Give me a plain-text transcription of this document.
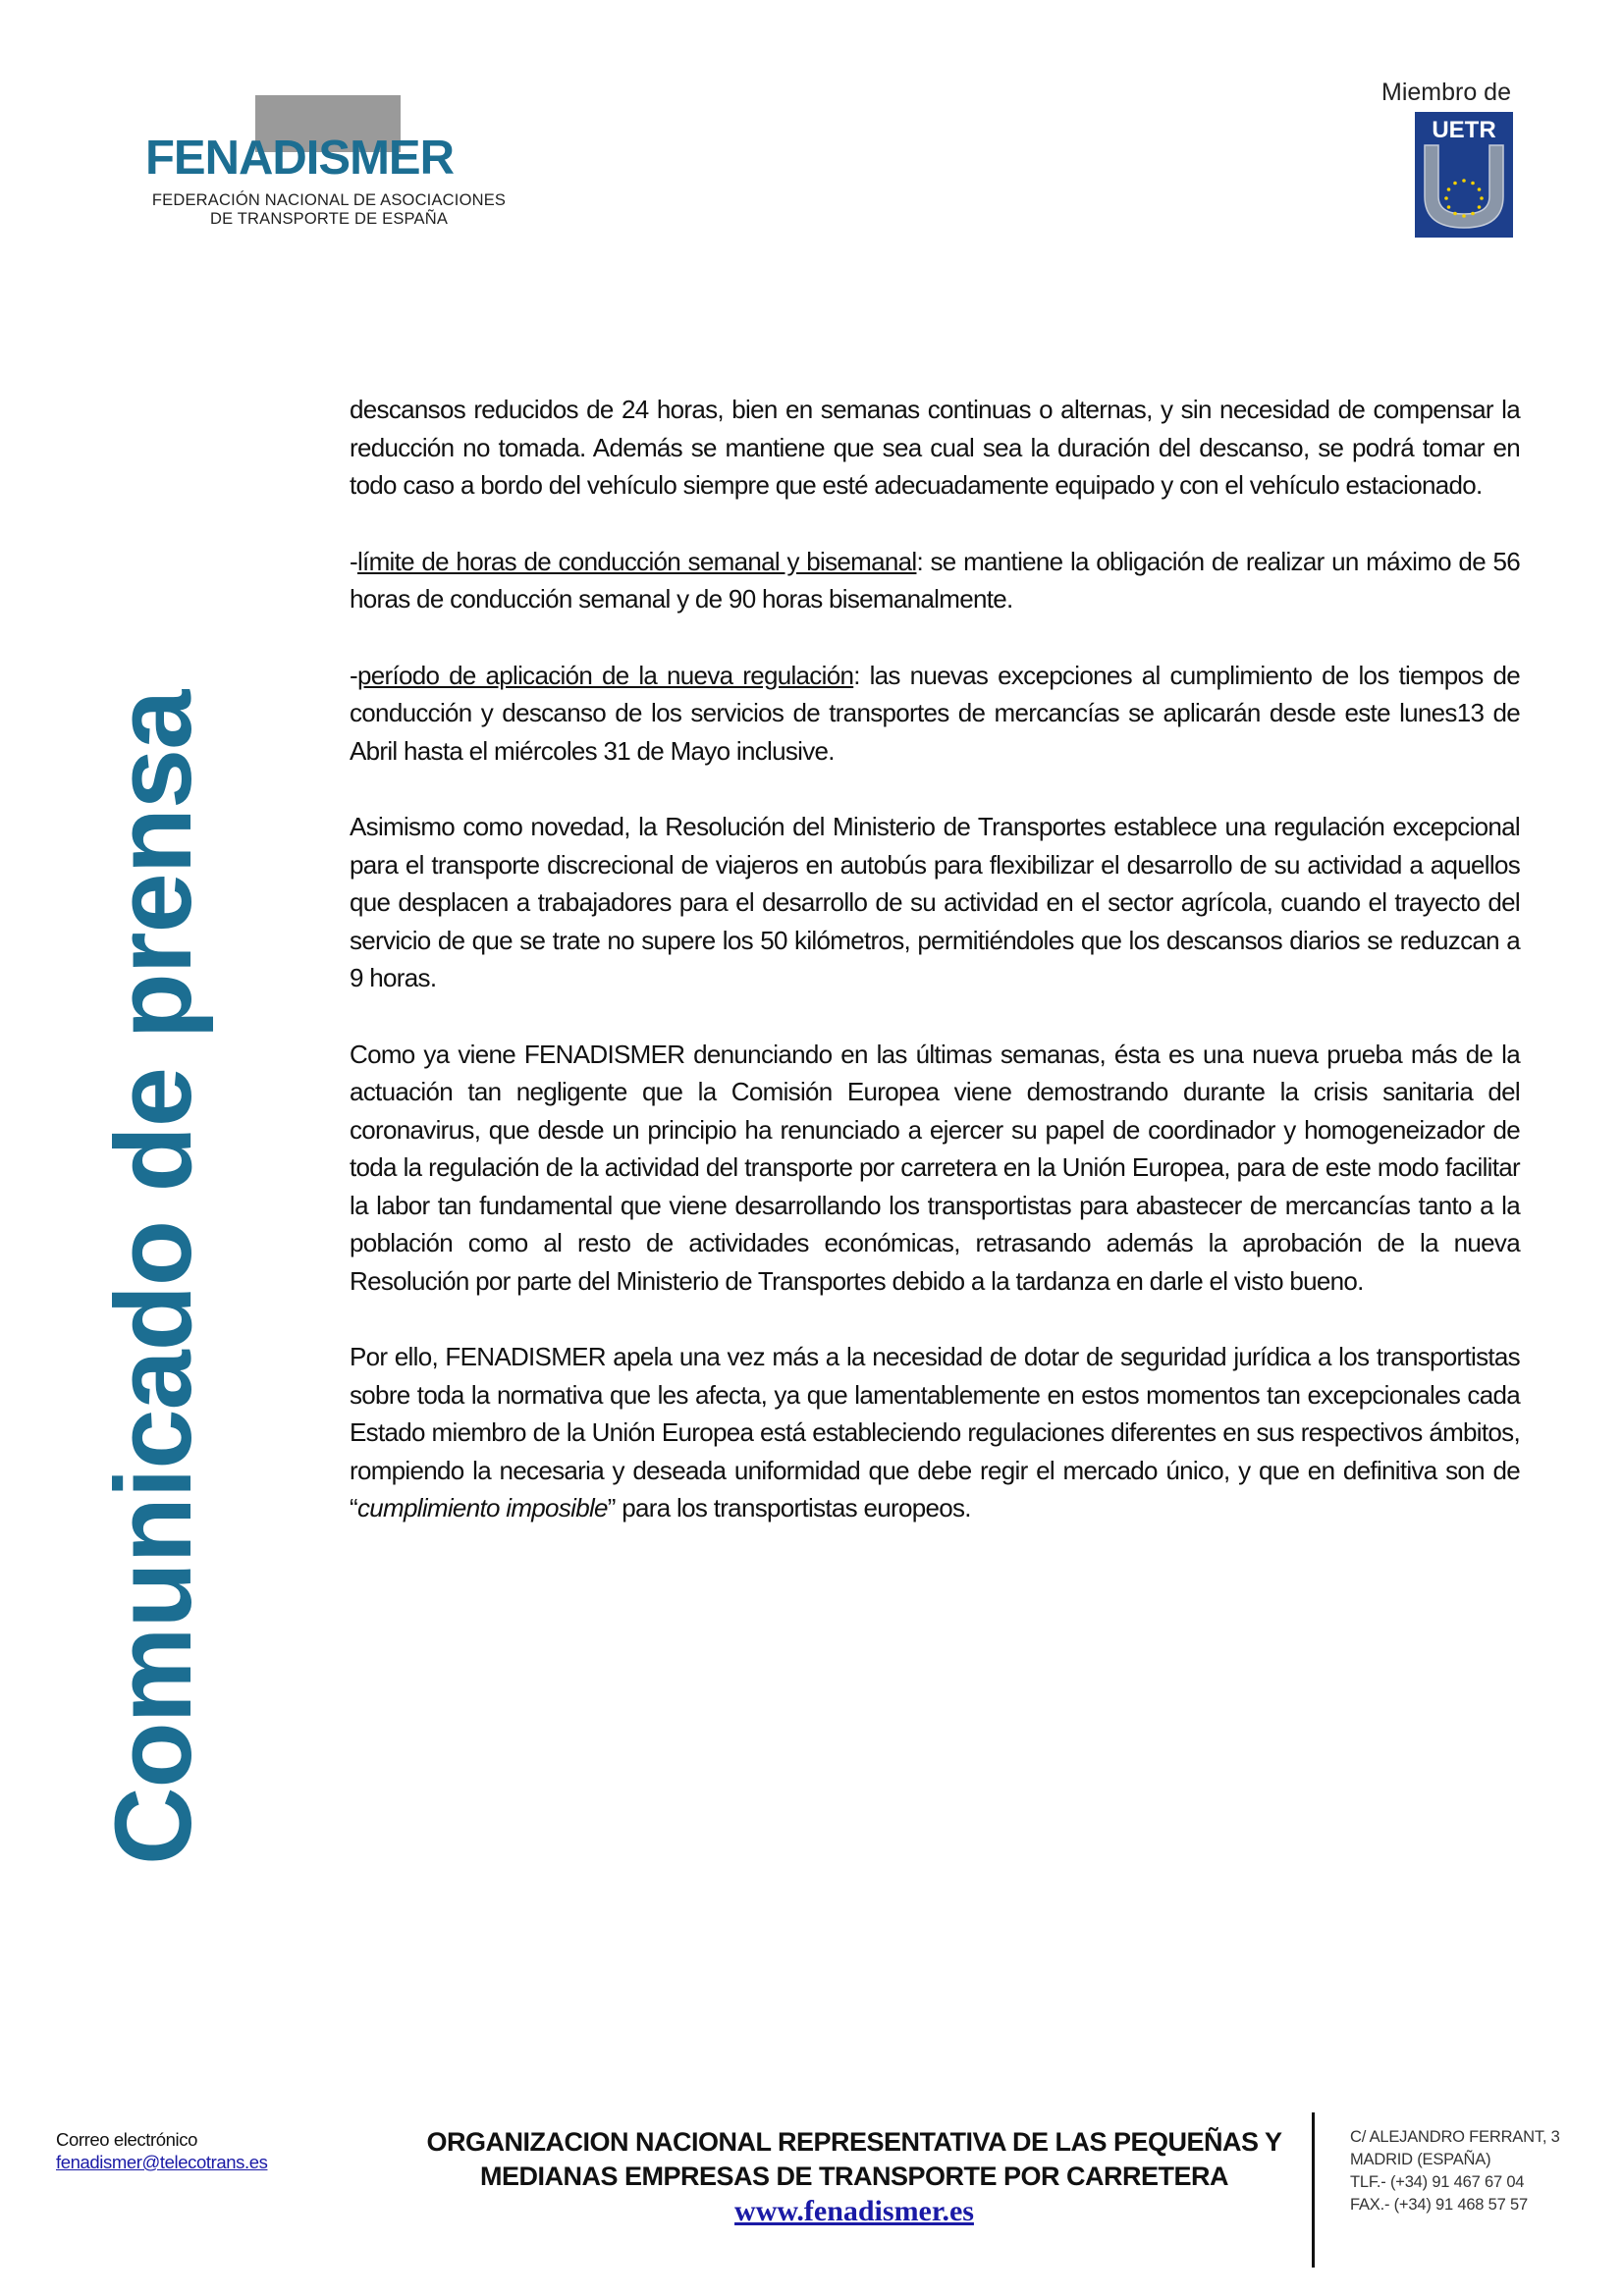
FENADISMER
FEDERACIÓN NACIONAL DE ASOCIACIONES
DE TRANSPORTE DE ESPAÑA
Miembro de
UETR
Comunicado de prensa

descansos reducidos de 24 horas, bien en semanas continuas o alternas, y sin necesidad de compensar la reducción no tomada. Además se mantiene que sea cual sea la duración del descanso, se podrá tomar en todo caso a bordo del vehículo siempre que esté adecuadamente equipado y con el vehículo estacionado.

-límite de horas de conducción semanal y bisemanal: se mantiene la obligación de realizar un máximo de 56 horas de conducción semanal y de 90 horas bisemanalmente.

-período de aplicación de la nueva regulación: las nuevas excepciones al cumplimiento de los tiempos de conducción y descanso de los servicios de transportes de mercancías se aplicarán desde este lunes13 de Abril hasta el miércoles 31 de Mayo inclusive.

Asimismo como novedad, la Resolución del Ministerio de Transportes establece una regulación excepcional para el transporte discrecional de viajeros en autobús para flexibilizar el desarrollo de su actividad a aquellos que desplacen a trabajadores para el desarrollo de su actividad en el sector agrícola, cuando el trayecto del servicio de que se trate no supere los 50 kilómetros, permitiéndoles que los descansos diarios se reduzcan a 9 horas.

Como ya viene FENADISMER denunciando en las últimas semanas, ésta es una nueva prueba más de la actuación tan negligente que la Comisión Europea viene demostrando durante la crisis sanitaria del coronavirus, que desde un principio ha renunciado a ejercer su papel de coordinador y homogeneizador de toda la regulación de la actividad del transporte por carretera en la Unión Europea, para de este modo facilitar la labor tan fundamental que viene desarrollando los transportistas para abastecer de mercancías tanto a la población como al resto de actividades económicas, retrasando además la aprobación de la nueva Resolución por parte del Ministerio de Transportes debido a la tardanza en darle el visto bueno.

Por ello, FENADISMER apela una vez más a la necesidad de dotar de seguridad jurídica a los transportistas sobre toda la normativa que les afecta, ya que lamentablemente en estos momentos tan excepcionales cada Estado miembro de la Unión Europea está estableciendo regulaciones diferentes en sus respectivos ámbitos, rompiendo la necesaria y deseada uniformidad que debe regir el mercado único, y que en definitiva son de “cumplimiento imposible” para los transportistas europeos.

Correo electrónico
fenadismer@telecotrans.es
ORGANIZACION NACIONAL REPRESENTATIVA DE LAS PEQUEÑAS Y
MEDIANAS EMPRESAS DE TRANSPORTE POR CARRETERA
www.fenadismer.es
C/ ALEJANDRO FERRANT, 3
MADRID (ESPAÑA)
TLF.- (+34) 91 467 67 04
FAX.- (+34) 91 468 57 57
